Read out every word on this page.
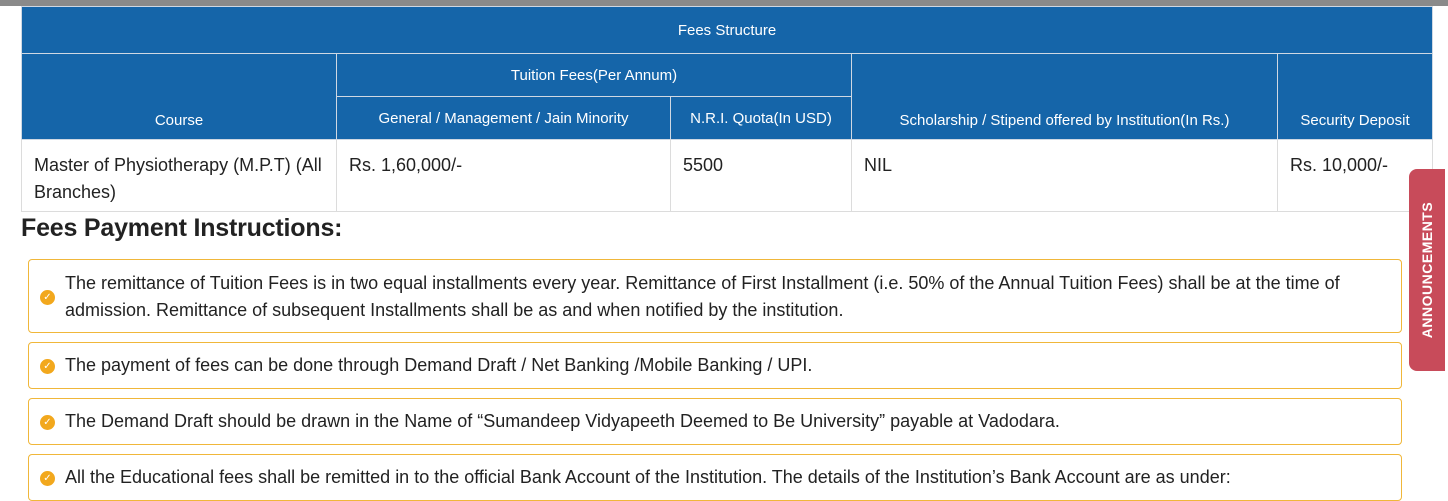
Fees Structure				
Course	Tuition Fees(Per Annum)		Scholarship / Stipend offered by Institution(In Rs.)	Security Deposit
	General / Management / Jain Minority	N.R.I. Quota(In USD)		
Master of Physiotherapy (M.P.T) (All Branches)	Rs. 1,60,000/-	5500	NIL	Rs. 10,000/-
Fees Payment Instructions:
✓
The remittance of Tuition Fees is in two equal installments every year. Remittance of First Installment (i.e. 50% of the Annual Tuition Fees) shall be at the time of admission. Remittance of subsequent Installments shall be as and when notified by the institution.
✓ The payment of fees can be done through Demand Draft / Net Banking /Mobile Banking / UPI.
✓ The Demand Draft should be drawn in the Name of “Sumandeep Vidyapeeth Deemed to Be University” payable at Vadodara.
✓ All the Educational fees shall be remitted in to the official Bank Account of the Institution. The details of the Institution’s Bank Account are as under:
ANNOUNCEMENTS
